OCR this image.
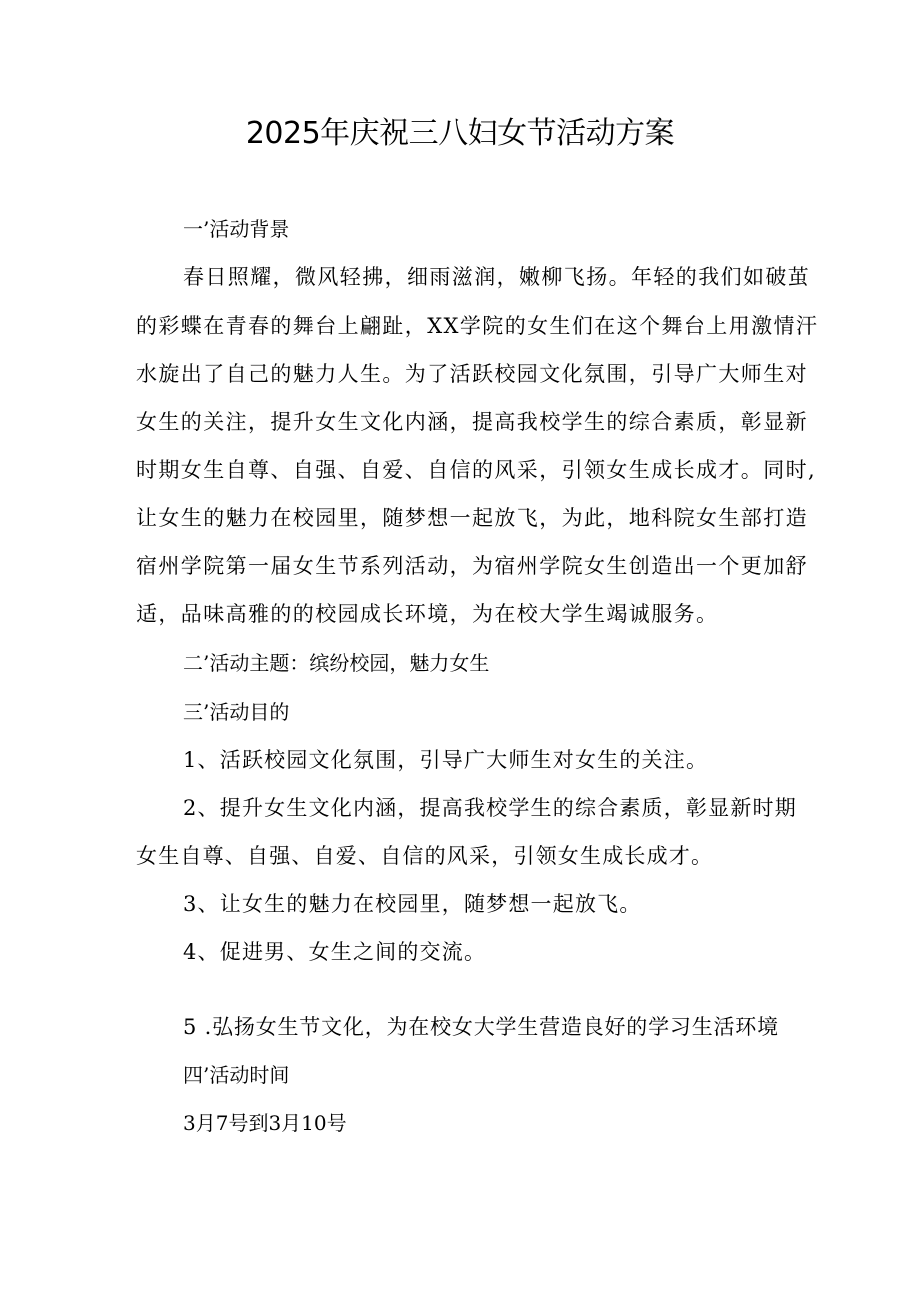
2025年庆祝三八妇女节活动方案
一’活动背景
春日照耀，微风轻拂，细雨滋润，嫩柳飞扬。年轻的我们如破茧
的彩蝶在青春的舞台上翩趾，XX学院的女生们在这个舞台上用激情汗
水旋出了自己的魅力人生。为了活跃校园文化氛围，引导广大师生对
女生的关注，提升女生文化内涵，提高我校学生的综合素质，彰显新
时期女生自尊、自强、自爱、自信的风采，引领女生成长成才。同时,
让女生的魅力在校园里，随梦想一起放飞，为此，地科院女生部打造
宿州学院第一届女生节系列活动，为宿州学院女生创造出一个更加舒
适，品味高雅的的校园成长环境，为在校大学生竭诚服务。
二’活动主题：缤纷校园，魅力女生
三’活动目的
1、活跃校园文化氛围，引导广大师生对女生的关注。
2、提升女生文化内涵，提高我校学生的综合素质，彰显新时期
女生自尊、自强、自爱、自信的风采，引领女生成长成才。
3、让女生的魅力在校园里，随梦想一起放飞。
4、促进男、女生之间的交流。
5 .弘扬女生节文化，为在校女大学生营造良好的学习生活环境
四’活动时间
3月7号到3月10号
